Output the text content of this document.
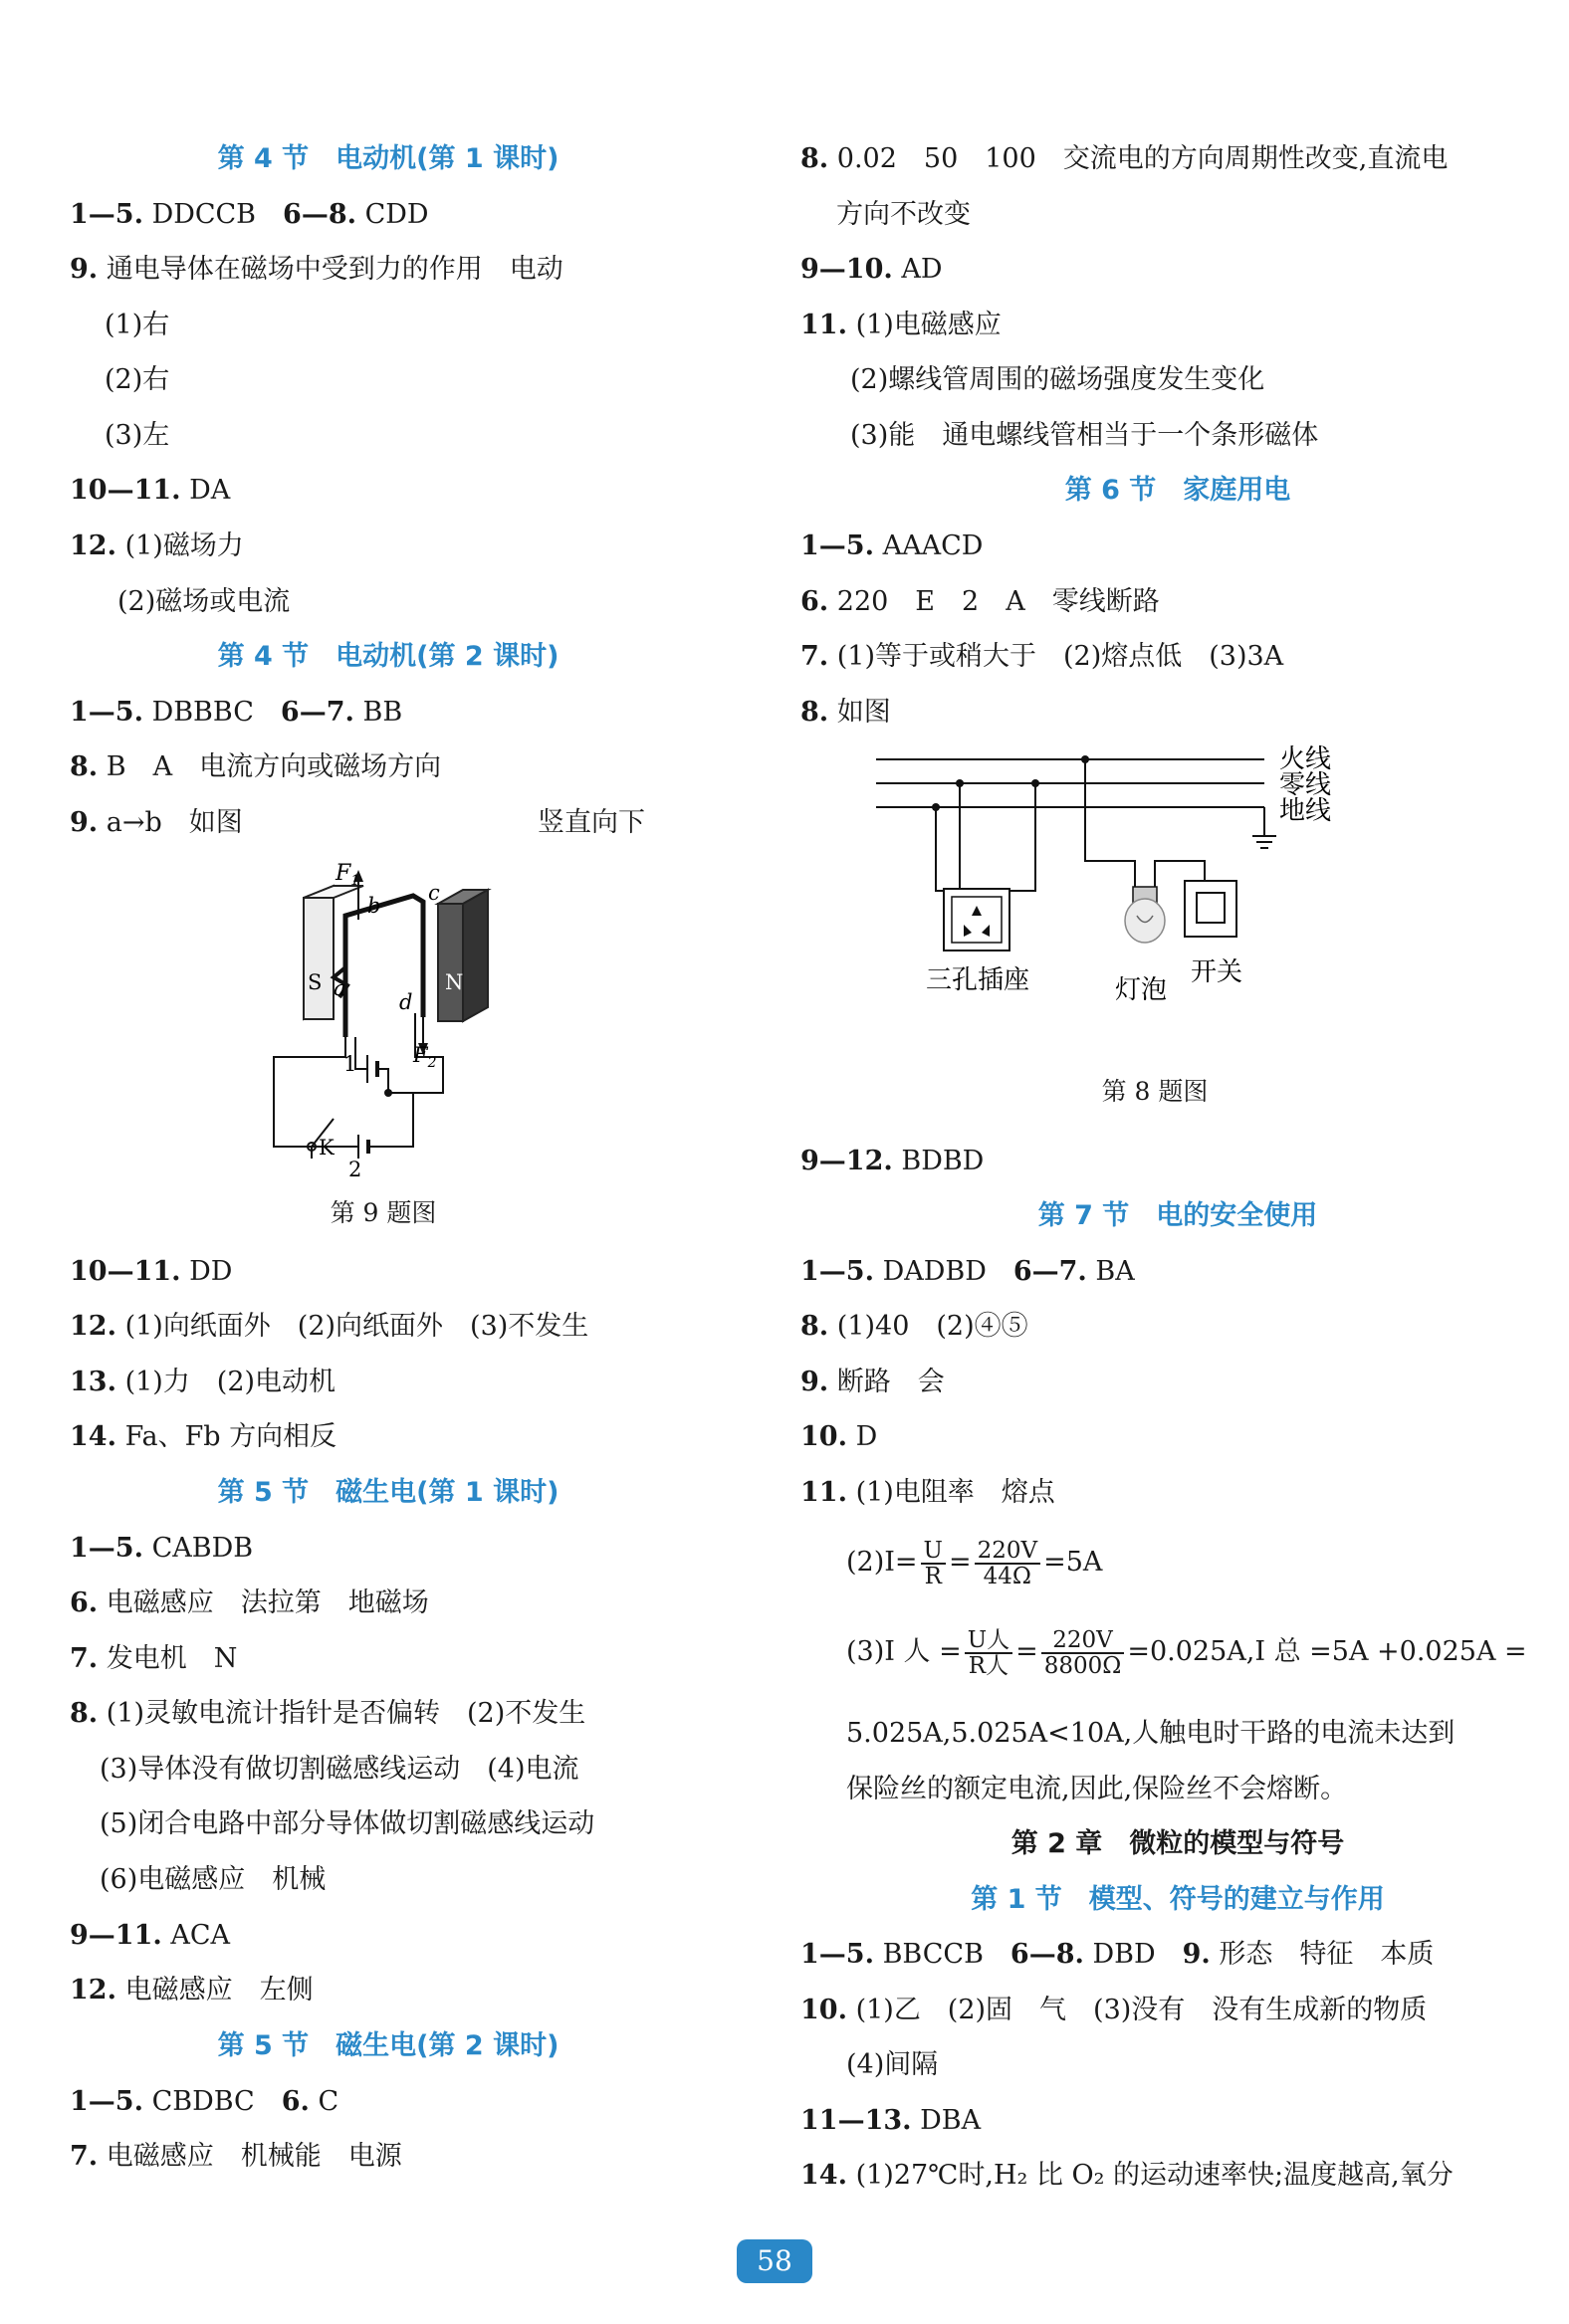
第 4 节　电动机(第 1 课时)
1—5. DDCCB　6—8. CDD
9. 通电导体在磁场中受到力的作用　电动
(1)右
(2)右
(3)左
10—11. DA
12. (1)磁场力
(2)磁场或电流
第 4 节　电动机(第 2 课时)
1—5. DBBBC　6—7. BB
8. B　A　电流方向或磁场方向
9. a→b　如图	竖直向下
$F_1$
b
c
S a	N
d
1	$F_2$
K
2
第 9 题图
10—11. DD
12. (1)向纸面外　(2)向纸面外　(3)不发生
13. (1)力　(2)电动机
14. Fa、Fb 方向相反
第 5 节　磁生电(第 1 课时)
1—5. CABDB
6. 电磁感应　法拉第　地磁场
7. 发电机　N
8. (1)灵敏电流计指针是否偏转　(2)不发生
(3)导体没有做切割磁感线运动　(4)电流
(5)闭合电路中部分导体做切割磁感线运动
(6)电磁感应　机械
9—11. ACA
12. 电磁感应　左侧
第 5 节　磁生电(第 2 课时)
1—5. CBDBC　6. C
7. 电磁感应　机械能　电源
8. 0.02　50　100　交流电的方向周期性改变,直流电
方向不改变
9—10. AD
11. (1)电磁感应
(2)螺线管周围的磁场强度发生变化
(3)能　通电螺线管相当于一个条形磁体
第 6 节　家庭用电
1—5. AAACD
6. 220　E　2　A　零线断路
7. (1)等于或稍大于　(2)熔点低　(3)3A
8. 如图
火线
零线
地线
三孔插座	灯泡
开关
第 8 题图
9—12. BDBD
第 7 节　电的安全使用
1—5. DADBD　6—7. BA
8. (1)40　(2)④⑤
9. 断路　会
10. D
11. (1)电阻率　熔点
$(2)I= \frac{U}{R} = \frac{220V}{44\Omega} =5A$
(3)I 人 = $\frac{\text{U人}}{\text{R人}} = \frac{220V}{8800\Omega} =0.025A,I$ 总 =5A +0.025A =
5.025A,5.025A<10A,人触电时干路的电流未达到
保险丝的额定电流,因此,保险丝不会熔断。
第 2 章　微粒的模型与符号
第 1 节　模型、符号的建立与作用
1—5. BBCCB　6—8. DBD　9. 形态　特征　本质
10. (1)乙　(2)固　气　(3)没有　没有生成新的物质
(4)间隔
11—13. DBA
14. (1)27℃时,H₂ 比 O₂ 的运动速率快;温度越高,氧分
58
